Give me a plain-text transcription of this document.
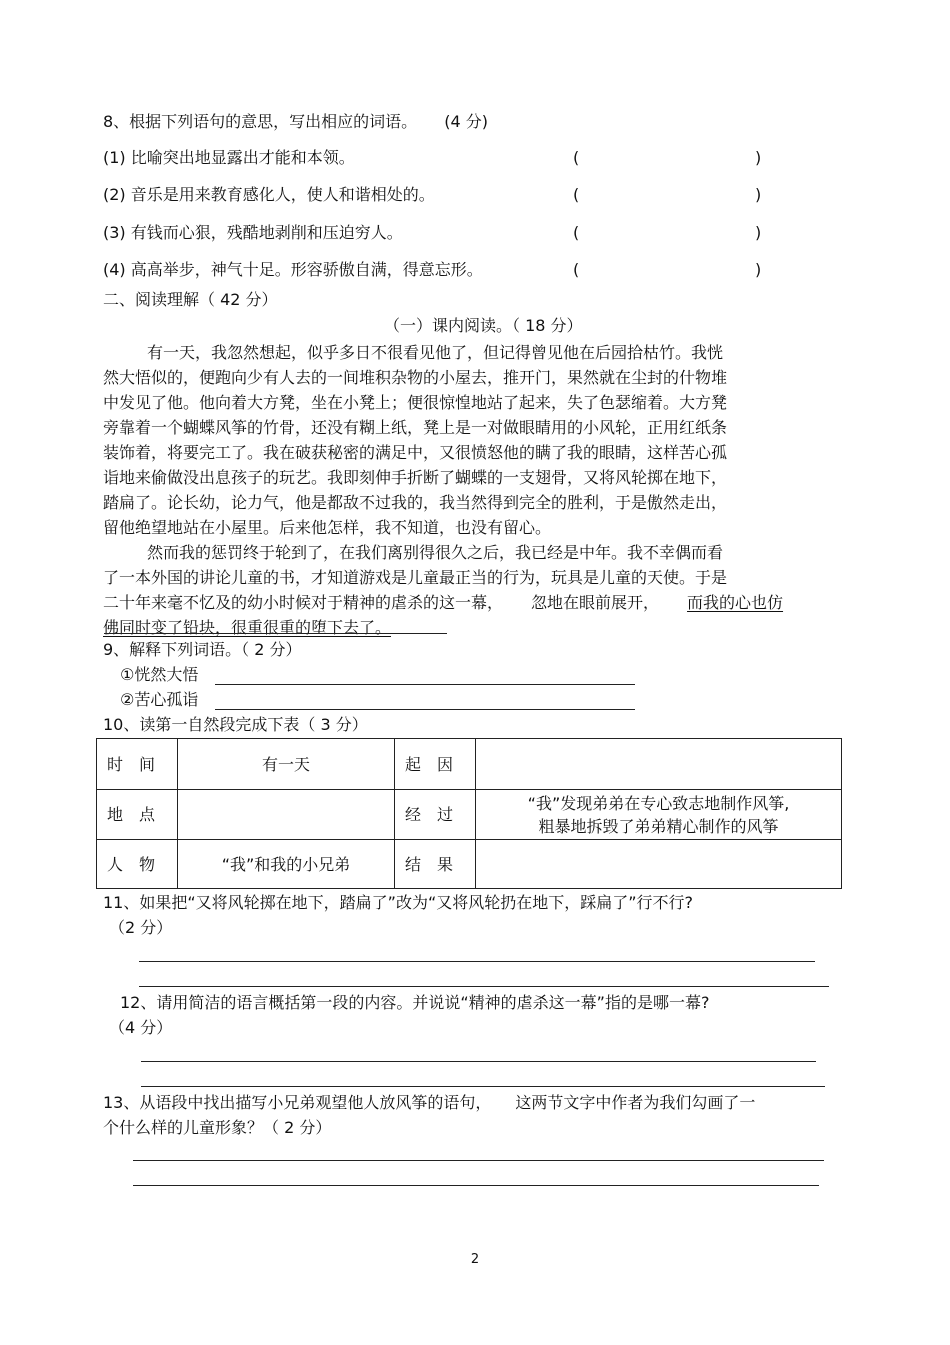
8、根据下列语句的意思，写出相应的词语。 (4 分)
(1) 比喻突出地显露出才能和本领。	(	)
(2) 音乐是用来教育感化人，使人和谐相处的。	(	)
(3) 有钱而心狠，残酷地剥削和压迫穷人。	(	)
(4) 高高举步，神气十足。形容骄傲自满，得意忘形。	(	)
二、阅读理解（ 42 分）
（一）课内阅读。（ 18 分）
有一天，我忽然想起，似乎多日不很看见他了，但记得曾见他在后园拾枯竹。我恍
然大悟似的，便跑向少有人去的一间堆积杂物的小屋去，推开门，果然就在尘封的什物堆
中发见了他。他向着大方凳，坐在小凳上；便很惊惶地站了起来，失了色瑟缩着。大方凳
旁靠着一个蝴蝶风筝的竹骨，还没有糊上纸，凳上是一对做眼睛用的小风轮，正用红纸条
装饰着，将要完工了。我在破获秘密的满足中，又很愤怒他的瞒了我的眼睛，这样苦心孤
诣地来偷做没出息孩子的玩艺。我即刻伸手折断了蝴蝶的一支翅骨，又将风轮掷在地下，
踏扁了。论长幼，论力气，他是都敌不过我的，我当然得到完全的胜利，于是傲然走出，
留他绝望地站在小屋里。后来他怎样，我不知道，也没有留心。
然而我的惩罚终于轮到了，在我们离别得很久之后，我已经是中年。我不幸偶而看
了一本外国的讲论儿童的书，才知道游戏是儿童最正当的行为，玩具是儿童的天使。于是
二十年来毫不忆及的幼小时候对于精神的虐杀的这一幕， 忽地在眼前展开， 而我的心也仿
佛同时变了铅块，很重很重的堕下去了。
9、解释下列词语。（ 2 分）
①恍然大悟
②苦心孤诣
10、读第一自然段完成下表（ 3 分）
时　间	有一天	起　因	
地　点		经　过	“我”发现弟弟在专心致志地制作风筝,
粗暴地拆毁了弟弟精心制作的风筝

人　物	“我”和我的小兄弟	结　果	
11、如果把“又将风轮掷在地下，踏扁了”改为“又将风轮扔在地下，踩扁了”行不行?
（2 分）
12、请用简洁的语言概括第一段的内容。并说说“精神的虐杀这一幕”指的是哪一幕?
（4 分）
13、从语段中找出描写小兄弟观望他人放风筝的语句，　　这两节文字中作者为我们勾画了一
个什么样的儿童形象？（ 2 分）
2
